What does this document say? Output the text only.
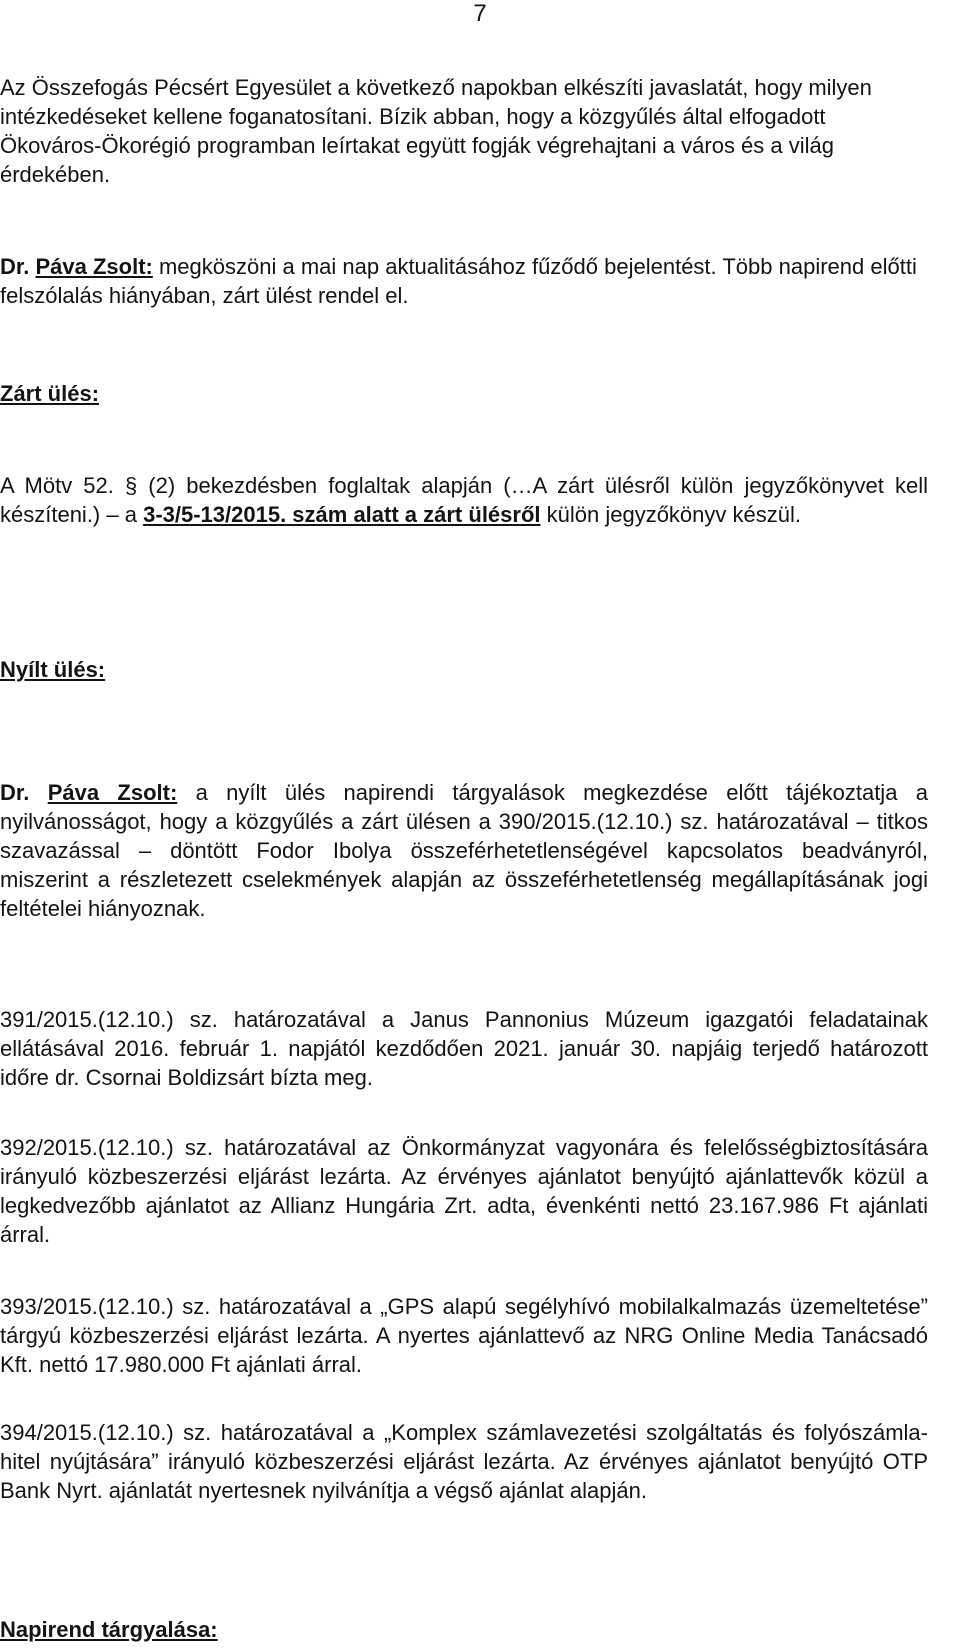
7

Az Összefogás Pécsért Egyesület a következő napokban elkészíti javaslatát, hogy milyen intézkedéseket kellene foganatosítani. Bízik abban, hogy a közgyűlés által elfogadott Ökováros-Ökorégió programban leírtakat együtt fogják végrehajtani a város és a világ érdekében.

Dr. Páva Zsolt: megköszöni a mai nap aktualitásához fűződő bejelentést. Több napirend előtti felszólalás hiányában, zárt ülést rendel el.

Zárt ülés:

A Mötv 52. § (2) bekezdésben foglaltak alapján (…A zárt ülésről külön jegyzőkönyvet kell készíteni.) – a 3-3/5-13/2015. szám alatt a zárt ülésről külön jegyzőkönyv készül.

Nyílt ülés:

Dr. Páva Zsolt: a nyílt ülés napirendi tárgyalások megkezdése előtt tájékoztatja a nyilvánosságot, hogy a közgyűlés a zárt ülésen a 390/2015.(12.10.) sz. határozatával – titkos szavazással – döntött Fodor Ibolya összeférhetetlenségével kapcsolatos beadványról, miszerint a részletezett cselekmények alapján az összeférhetetlenség megállapításának jogi feltételei hiányoznak.

391/2015.(12.10.) sz. határozatával a Janus Pannonius Múzeum igazgatói feladatainak ellátásával 2016. február 1. napjától kezdődően 2021. január 30. napjáig terjedő határozott időre dr. Csornai Boldizsárt bízta meg.

392/2015.(12.10.) sz. határozatával az Önkormányzat vagyonára és felelősségbiztosítására irányuló közbeszerzési eljárást lezárta. Az érvényes ajánlatot benyújtó ajánlattevők közül a legkedvezőbb ajánlatot az Allianz Hungária Zrt. adta, évenkénti nettó 23.167.986 Ft ajánlati árral.

393/2015.(12.10.) sz. határozatával a „GPS alapú segélyhívó mobilalkalmazás üzemeltetése” tárgyú közbeszerzési eljárást lezárta. A nyertes ajánlattevő az NRG Online Media Tanácsadó Kft. nettó 17.980.000 Ft ajánlati árral.

394/2015.(12.10.) sz. határozatával a „Komplex számlavezetési szolgáltatás és folyószámla-hitel nyújtására” irányuló közbeszerzési eljárást lezárta. Az érvényes ajánlatot benyújtó OTP Bank Nyrt. ajánlatát nyertesnek nyilvánítja a végső ajánlat alapján.

Napirend tárgyalása:
